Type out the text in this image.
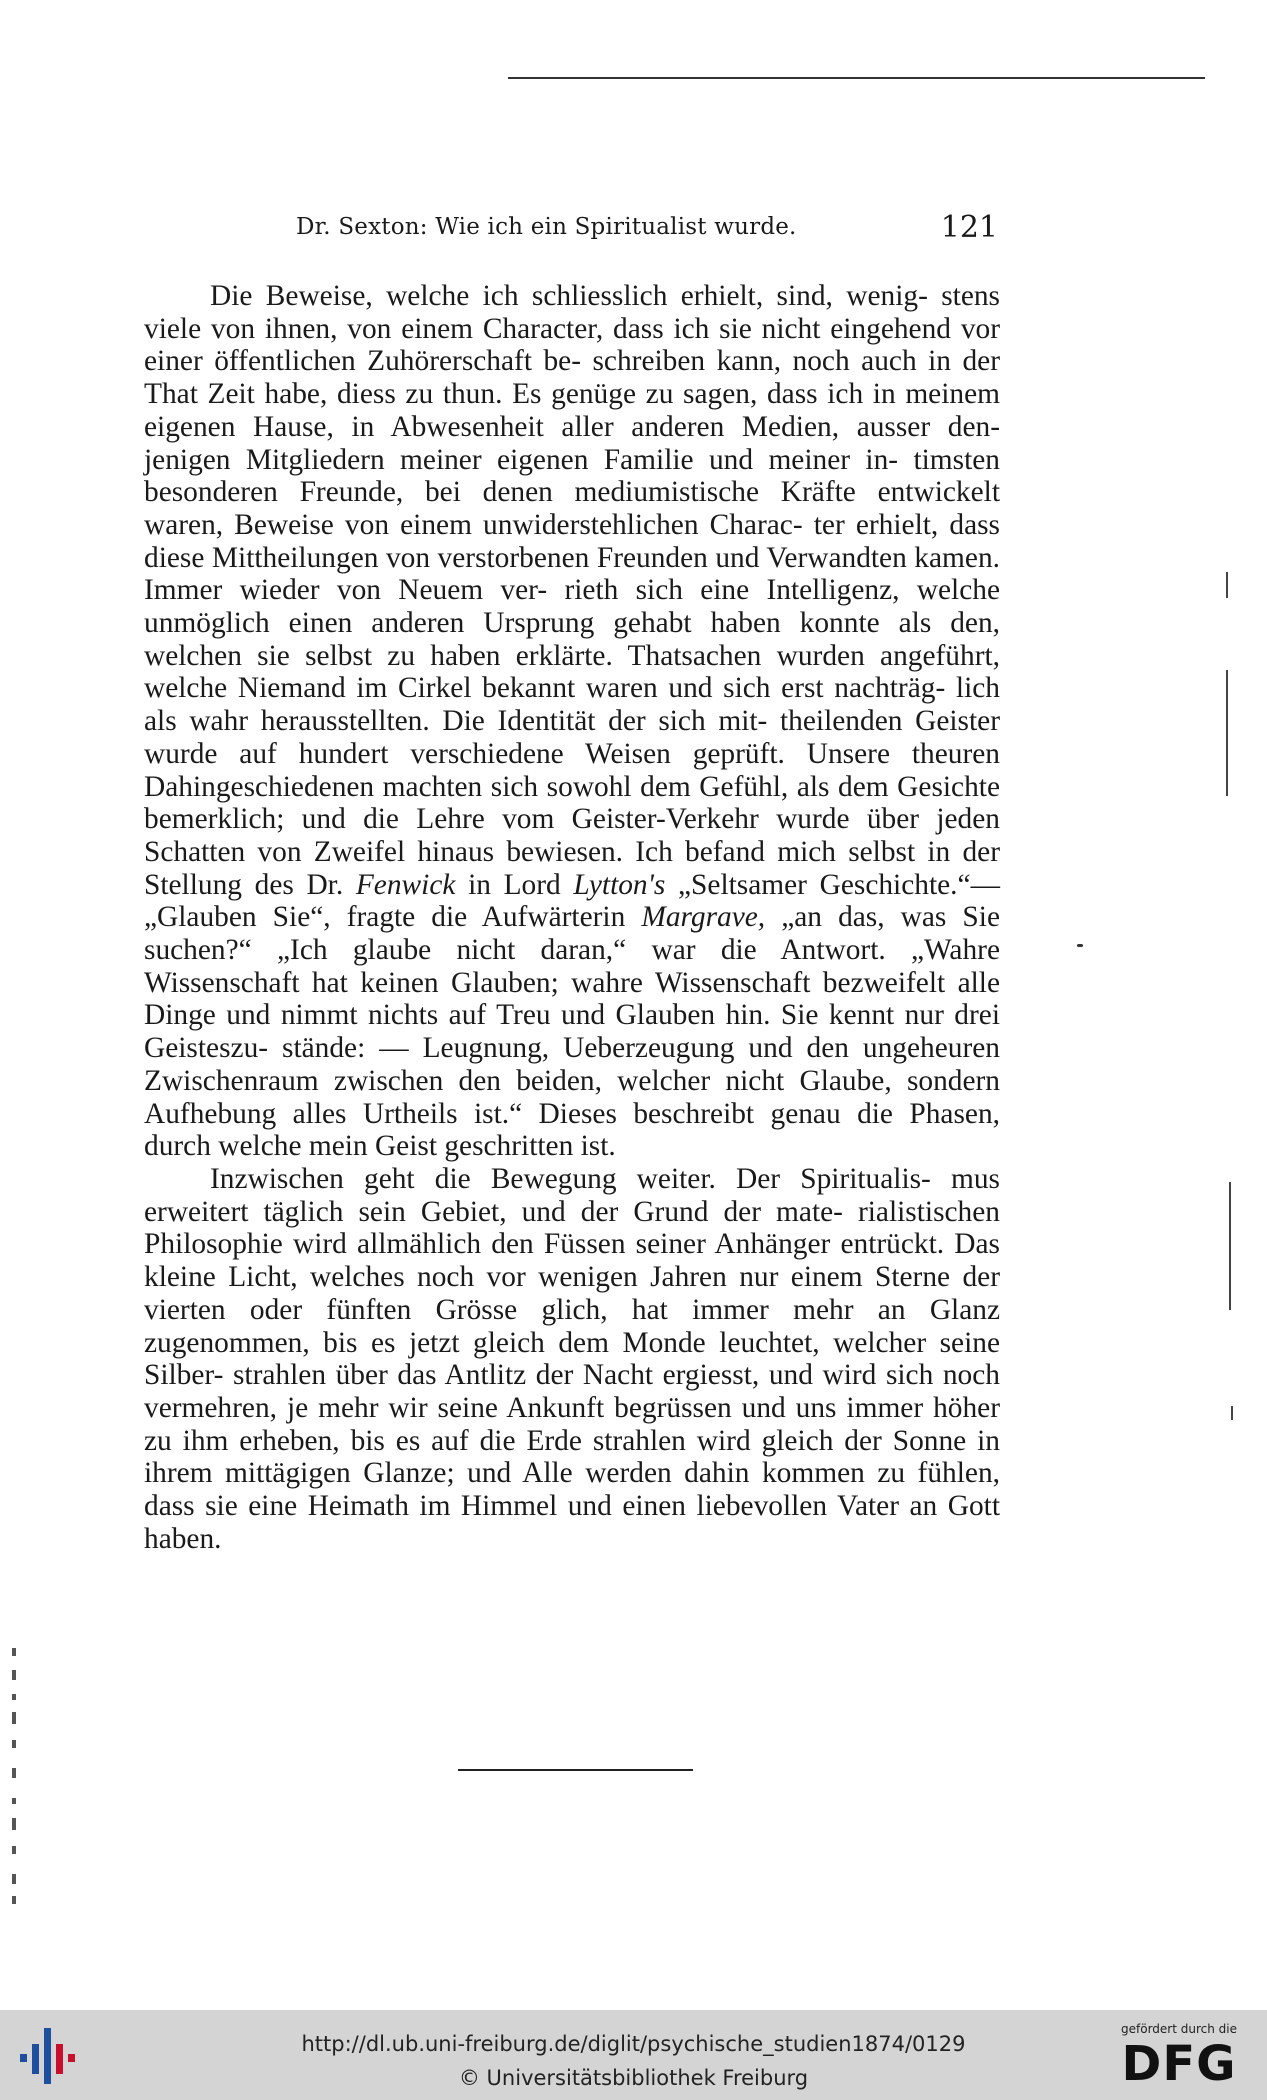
Dr. Sexton: Wie ich ein Spiritualist wurde.	121

Die Beweise, welche ich schliesslich erhielt, sind, wenig- stens viele von ihnen, von einem Character, dass ich sie nicht eingehend vor einer öffentlichen Zuhörerschaft be- schreiben kann, noch auch in der That Zeit habe, diess zu thun. Es genüge zu sagen, dass ich in meinem eigenen Hause, in Abwesenheit aller anderen Medien, ausser den- jenigen Mitgliedern meiner eigenen Familie und meiner in- timsten besonderen Freunde, bei denen mediumistische Kräfte entwickelt waren, Beweise von einem unwiderstehlichen Charac- ter erhielt, dass diese Mittheilungen von verstorbenen Freunden und Verwandten kamen. Immer wieder von Neuem ver- rieth sich eine Intelligenz, welche unmöglich einen anderen Ursprung gehabt haben konnte als den, welchen sie selbst zu haben erklärte. Thatsachen wurden angeführt, welche Niemand im Cirkel bekannt waren und sich erst nachträg- lich als wahr herausstellten. Die Identität der sich mit- theilenden Geister wurde auf hundert verschiedene Weisen geprüft. Unsere theuren Dahingeschiedenen machten sich sowohl dem Gefühl, als dem Gesichte bemerklich; und die Lehre vom Geister-Verkehr wurde über jeden Schatten von Zweifel hinaus bewiesen. Ich befand mich selbst in der Stellung des Dr. Fenwick in Lord Lytton's „Seltsamer Geschichte.“—„Glauben Sie“, fragte die Aufwärterin Margrave, „an das, was Sie suchen?“ „Ich glaube nicht daran,“ war die Antwort. „Wahre Wissenschaft hat keinen Glauben; wahre Wissenschaft bezweifelt alle Dinge und nimmt nichts auf Treu und Glauben hin. Sie kennt nur drei Geisteszu- stände: — Leugnung, Ueberzeugung und den ungeheuren Zwischenraum zwischen den beiden, welcher nicht Glaube, sondern Aufhebung alles Urtheils ist.“ Dieses beschreibt genau die Phasen, durch welche mein Geist geschritten ist.

Inzwischen geht die Bewegung weiter. Der Spiritualis- mus erweitert täglich sein Gebiet, und der Grund der mate- rialistischen Philosophie wird allmählich den Füssen seiner Anhänger entrückt. Das kleine Licht, welches noch vor wenigen Jahren nur einem Sterne der vierten oder fünften Grösse glich, hat immer mehr an Glanz zugenommen, bis es jetzt gleich dem Monde leuchtet, welcher seine Silber- strahlen über das Antlitz der Nacht ergiesst, und wird sich noch vermehren, je mehr wir seine Ankunft begrüssen und uns immer höher zu ihm erheben, bis es auf die Erde strahlen wird gleich der Sonne in ihrem mittägigen Glanze; und Alle werden dahin kommen zu fühlen, dass sie eine Heimath im Himmel und einen liebevollen Vater an Gott haben.

http://dl.ub.uni-freiburg.de/diglit/psychische_studien1874/0129
© Universitätsbibliothek Freiburg
gefördert durch die
DFG
